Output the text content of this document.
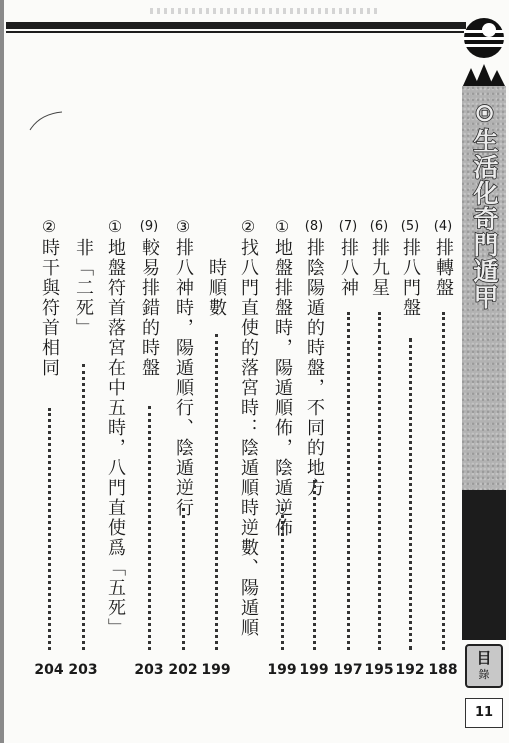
⊙生活化奇門遁甲
目
錄
11
(4)
排轉盤
188
(5)
排八門盤
192
(6)
排九星
195
(7)
排八神
197
(8)
排陰陽遁的時盤，不同的地方
199
①
地盤排盤時，陽遁順佈，陰遁逆佈
199
②
找八門直使的落宮時：陰遁順時逆數、陽遁順
時順數
199
③
排八神時，陽遁順行、陰遁逆行
202
(9)
較易排錯的時盤
203
①
地盤符首落宮在中五時，八門直使爲「五死」
非「二死」
203
②
時干與符首相同
204
